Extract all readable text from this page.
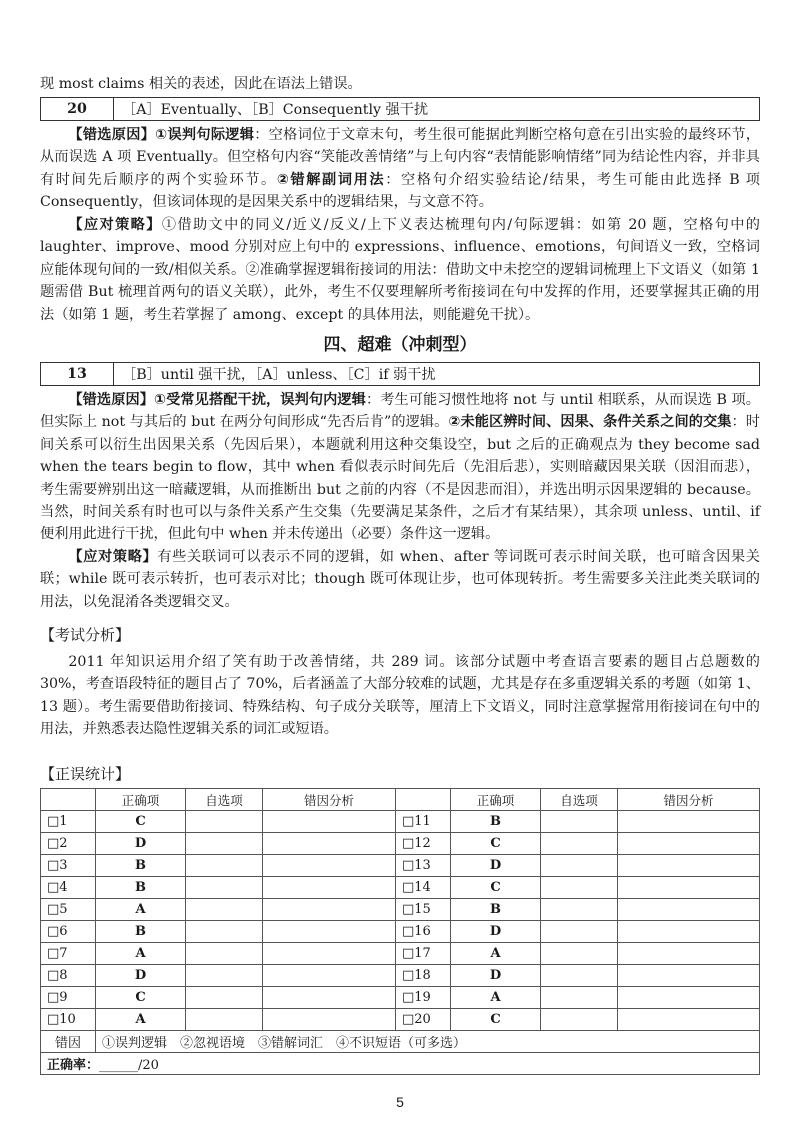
现 most claims 相关的表述，因此在语法上错误。

20	［A］Eventually、［B］Consequently 强干扰

【错选原因】①误判句际逻辑：空格词位于文章末句，考生很可能据此判断空格句意在引出实验的最终环节，从而误选 A 项 Eventually。但空格句内容“笑能改善情绪”与上句内容“表情能影响情绪”同为结论性内容，并非具有时间先后顺序的两个实验环节。②错解副词用法：空格句介绍实验结论/结果，考生可能由此选择 B 项 Consequently，但该词体现的是因果关系中的逻辑结果，与文意不符。

【应对策略】①借助文中的同义/近义/反义/上下义表达梳理句内/句际逻辑：如第 20 题，空格句中的 laughter、improve、mood 分别对应上句中的 expressions、influence、emotions，句间语义一致，空格词应能体现句间的一致/相似关系。②准确掌握逻辑衔接词的用法：借助文中未挖空的逻辑词梳理上下文语义（如第 1 题需借 But 梳理首两句的语义关联），此外，考生不仅要理解所考衔接词在句中发挥的作用，还要掌握其正确的用法（如第 1 题，考生若掌握了 among、except 的具体用法，则能避免干扰）。

四、超难（冲刺型）
13	［B］until 强干扰，［A］unless、［C］if 弱干扰

【错选原因】①受常见搭配干扰，误判句内逻辑：考生可能习惯性地将 not 与 until 相联系，从而误选 B 项。但实际上 not 与其后的 but 在两分句间形成“先否后肯”的逻辑。②未能区辨时间、因果、条件关系之间的交集：时间关系可以衍生出因果关系（先因后果），本题就利用这种交集设空，but 之后的正确观点为 they become sad when the tears begin to flow，其中 when 看似表示时间先后（先泪后悲），实则暗藏因果关联（因泪而悲），考生需要辨别出这一暗藏逻辑，从而推断出 but 之前的内容（不是因悲而泪），并选出明示因果逻辑的 because。当然，时间关系有时也可以与条件关系产生交集（先要满足某条件，之后才有某结果），其余项 unless、until、if 便利用此进行干扰，但此句中 when 并未传递出（必要）条件这一逻辑。

【应对策略】有些关联词可以表示不同的逻辑，如 when、after 等词既可表示时间关联，也可暗含因果关联；while 既可表示转折，也可表示对比；though 既可体现让步，也可体现转折。考生需要多关注此类关联词的用法，以免混淆各类逻辑交叉。

【考试分析】

2011 年知识运用介绍了笑有助于改善情绪，共 289 词。该部分试题中考查语言要素的题目占总题数的 30%，考查语段特征的题目占了 70%，后者涵盖了大部分较难的试题，尤其是存在多重逻辑关系的考题（如第 1、13 题）。考生需要借助衔接词、特殊结构、句子成分关联等，厘清上下文语义，同时注意掌握常用衔接词在句中的用法，并熟悉表达隐性逻辑关系的词汇或短语。

【正误统计】
	正确项	自选项	错因分析		正确项	自选项	错因分析
□1	C			□11	B		
□2	D			□12	C		
□3	B			□13	D		
□4	B			□14	C		
□5	A			□15	B		
□6	B			□16	D		
□7	A			□17	A		
□8	D			□18	D		
□9	C			□19	A		
□10	A			□20	C		
错因	①误判逻辑　②忽视语境　③错解词汇　④不识短语（可多选）						
正确率：______/20							
5
